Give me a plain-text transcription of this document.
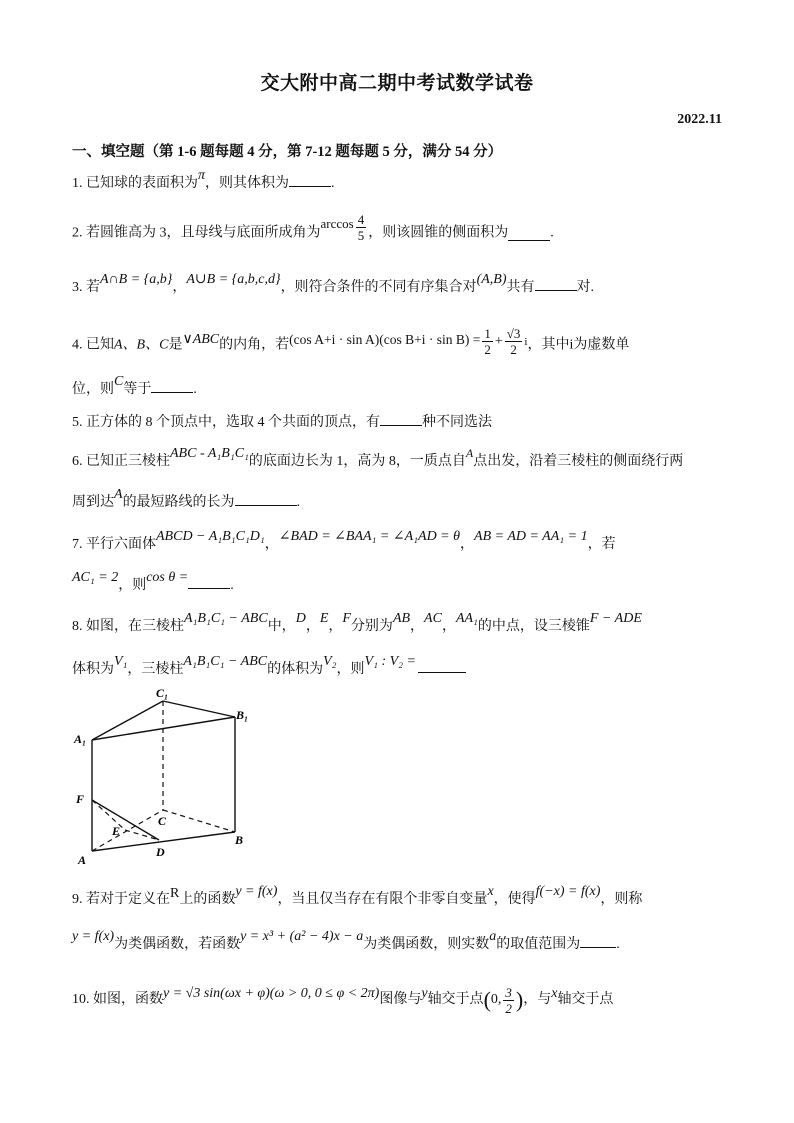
交大附中高二期中考试数学试卷
2022.11
一、填空题（第 1-6 题每题 4 分，第 7-12 题每题 5 分，满分 54 分）
1. 已知球的表面积为π，则其体积为	.
2. 若圆锥高为 3，且母线与底面所成角为$\arccos \frac{4}{5}$ ，则该圆锥的侧面积为	.
3. 若A∩B = {a,b}，A∪B = {a,b,c,d}，则符合条件的不同有序集合对(A,B)共有	对.
4. 已知A、B、C是∨ABC的内角，若(cos A+i · sin A)(cos $B+i \cdot \sin B) = \frac{1}{2} + \frac{√3}{2} ^i$，其中i为虚数单
位，则C等于	.
5. 正方体的 8 个顶点中，选取 4 个共面的顶点，有	种不同选法
6. 已知正三棱柱ABC - A₁B₁C₁的底面边长为 1，高为 8，一质点自A点出发，沿着三棱柱的侧面绕行两
周到达A的最短路线的长为	.
7. 平行六面体ABCD − A₁B₁C₁D₁，∠BAD = ∠BAA₁ = ∠A₁AD = θ，AB = AD = AA₁ = 1，若
AC₁ = 2，则cos θ =.
8. 如图，在三棱柱A₁B₁C₁ − ABC中，D，E，F分别为AB，AC，AA₁的中点，设三棱锥F − ADE
体积为V₁，三棱柱A₁B₁C₁ − ABC的体积为V₂，则V₁ : V₂ =
C₁
B₁
A₁
F
E
C
B
A
D
9. 若对于定义在R上的函数y = f(x)，当且仅当存在有限个非零自变量x，使得f(−x) = f(x)，则称
y = f(x)为类偶函数，若函数y = x³ + (a² − 4)x − a为类偶函数，则实数a的取值范围为	.
10. 如图，函数y = √3 sin(ωx + φ)(ω > 0, 0 ≤ φ < 2π)图像与y轴交于点(0, $\frac{3}{2}$ )，与x轴交于点
